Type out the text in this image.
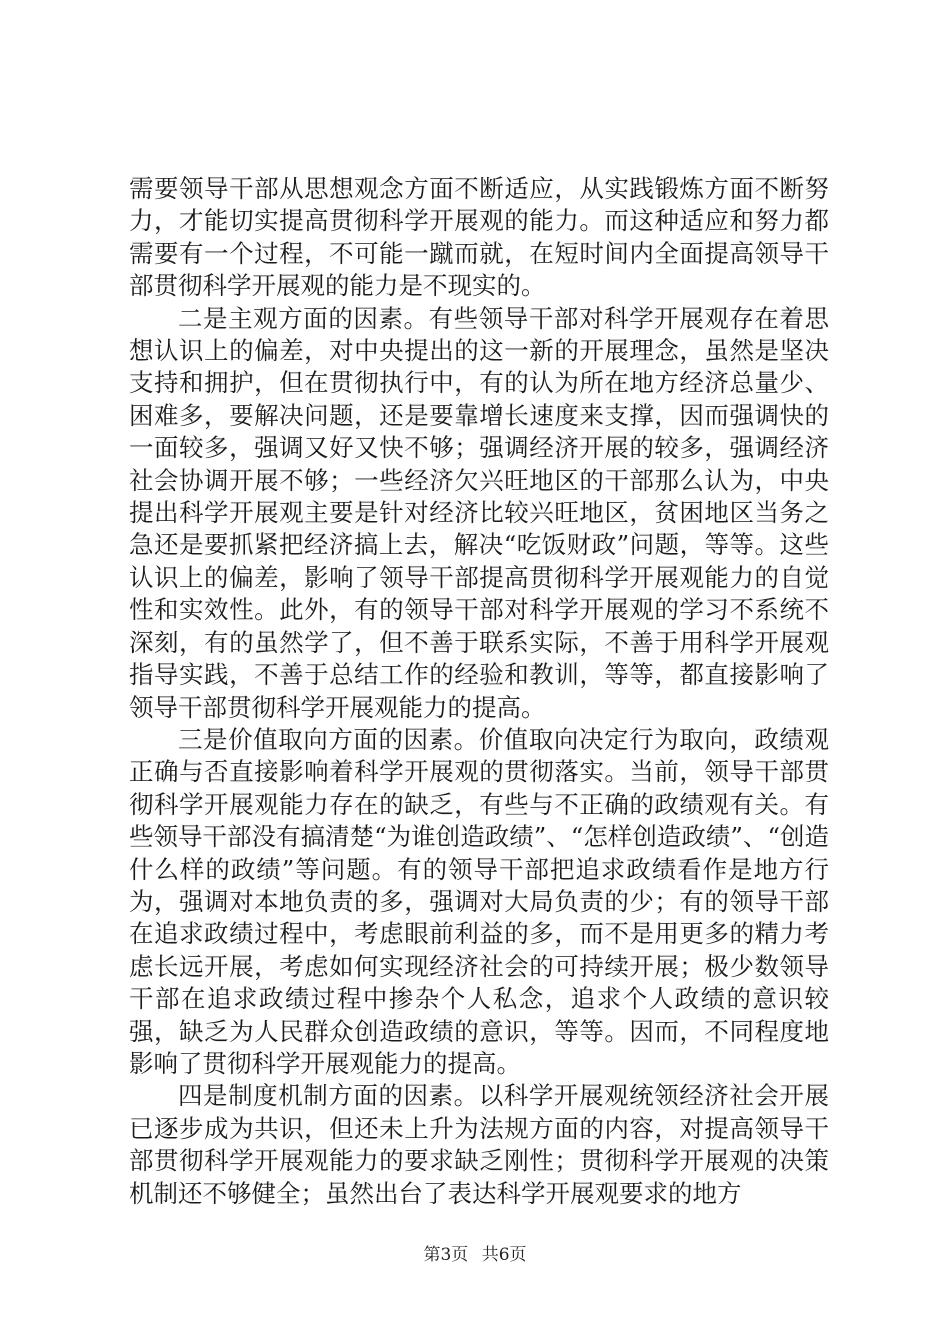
需要领导干部从思想观念方面不断适应，从实践锻炼方面不断努力，才能切实提高贯彻科学开展观的能力。而这种适应和努力都需要有一个过程，不可能一蹴而就，在短时间内全面提高领导干部贯彻科学开展观的能力是不现实的。

二是主观方面的因素。有些领导干部对科学开展观存在着思想认识上的偏差，对中央提出的这一新的开展理念，虽然是坚决支持和拥护，但在贯彻执行中，有的认为所在地方经济总量少、困难多，要解决问题，还是要靠增长速度来支撑，因而强调快的一面较多，强调又好又快不够；强调经济开展的较多，强调经济社会协调开展不够；一些经济欠兴旺地区的干部那么认为，中央提出科学开展观主要是针对经济比较兴旺地区，贫困地区当务之急还是要抓紧把经济搞上去，解决“吃饭财政”问题，等等。这些认识上的偏差，影响了领导干部提高贯彻科学开展观能力的自觉性和实效性。此外，有的领导干部对科学开展观的学习不系统不深刻，有的虽然学了，但不善于联系实际，不善于用科学开展观指导实践，不善于总结工作的经验和教训，等等，都直接影响了领导干部贯彻科学开展观能力的提高。

三是价值取向方面的因素。价值取向决定行为取向，政绩观正确与否直接影响着科学开展观的贯彻落实。当前，领导干部贯彻科学开展观能力存在的缺乏，有些与不正确的政绩观有关。有些领导干部没有搞清楚“为谁创造政绩”、“怎样创造政绩”、“创造什么样的政绩”等问题。有的领导干部把追求政绩看作是地方行为，强调对本地负责的多，强调对大局负责的少；有的领导干部在追求政绩过程中，考虑眼前利益的多，而不是用更多的精力考虑长远开展，考虑如何实现经济社会的可持续开展；极少数领导干部在追求政绩过程中掺杂个人私念，追求个人政绩的意识较强，缺乏为人民群众创造政绩的意识，等等。因而，不同程度地影响了贯彻科学开展观能力的提高。

四是制度机制方面的因素。以科学开展观统领经济社会开展已逐步成为共识，但还未上升为法规方面的内容，对提高领导干部贯彻科学开展观能力的要求缺乏刚性；贯彻科学开展观的决策机制还不够健全；虽然出台了表达科学开展观要求的地方

第3页 共6页
